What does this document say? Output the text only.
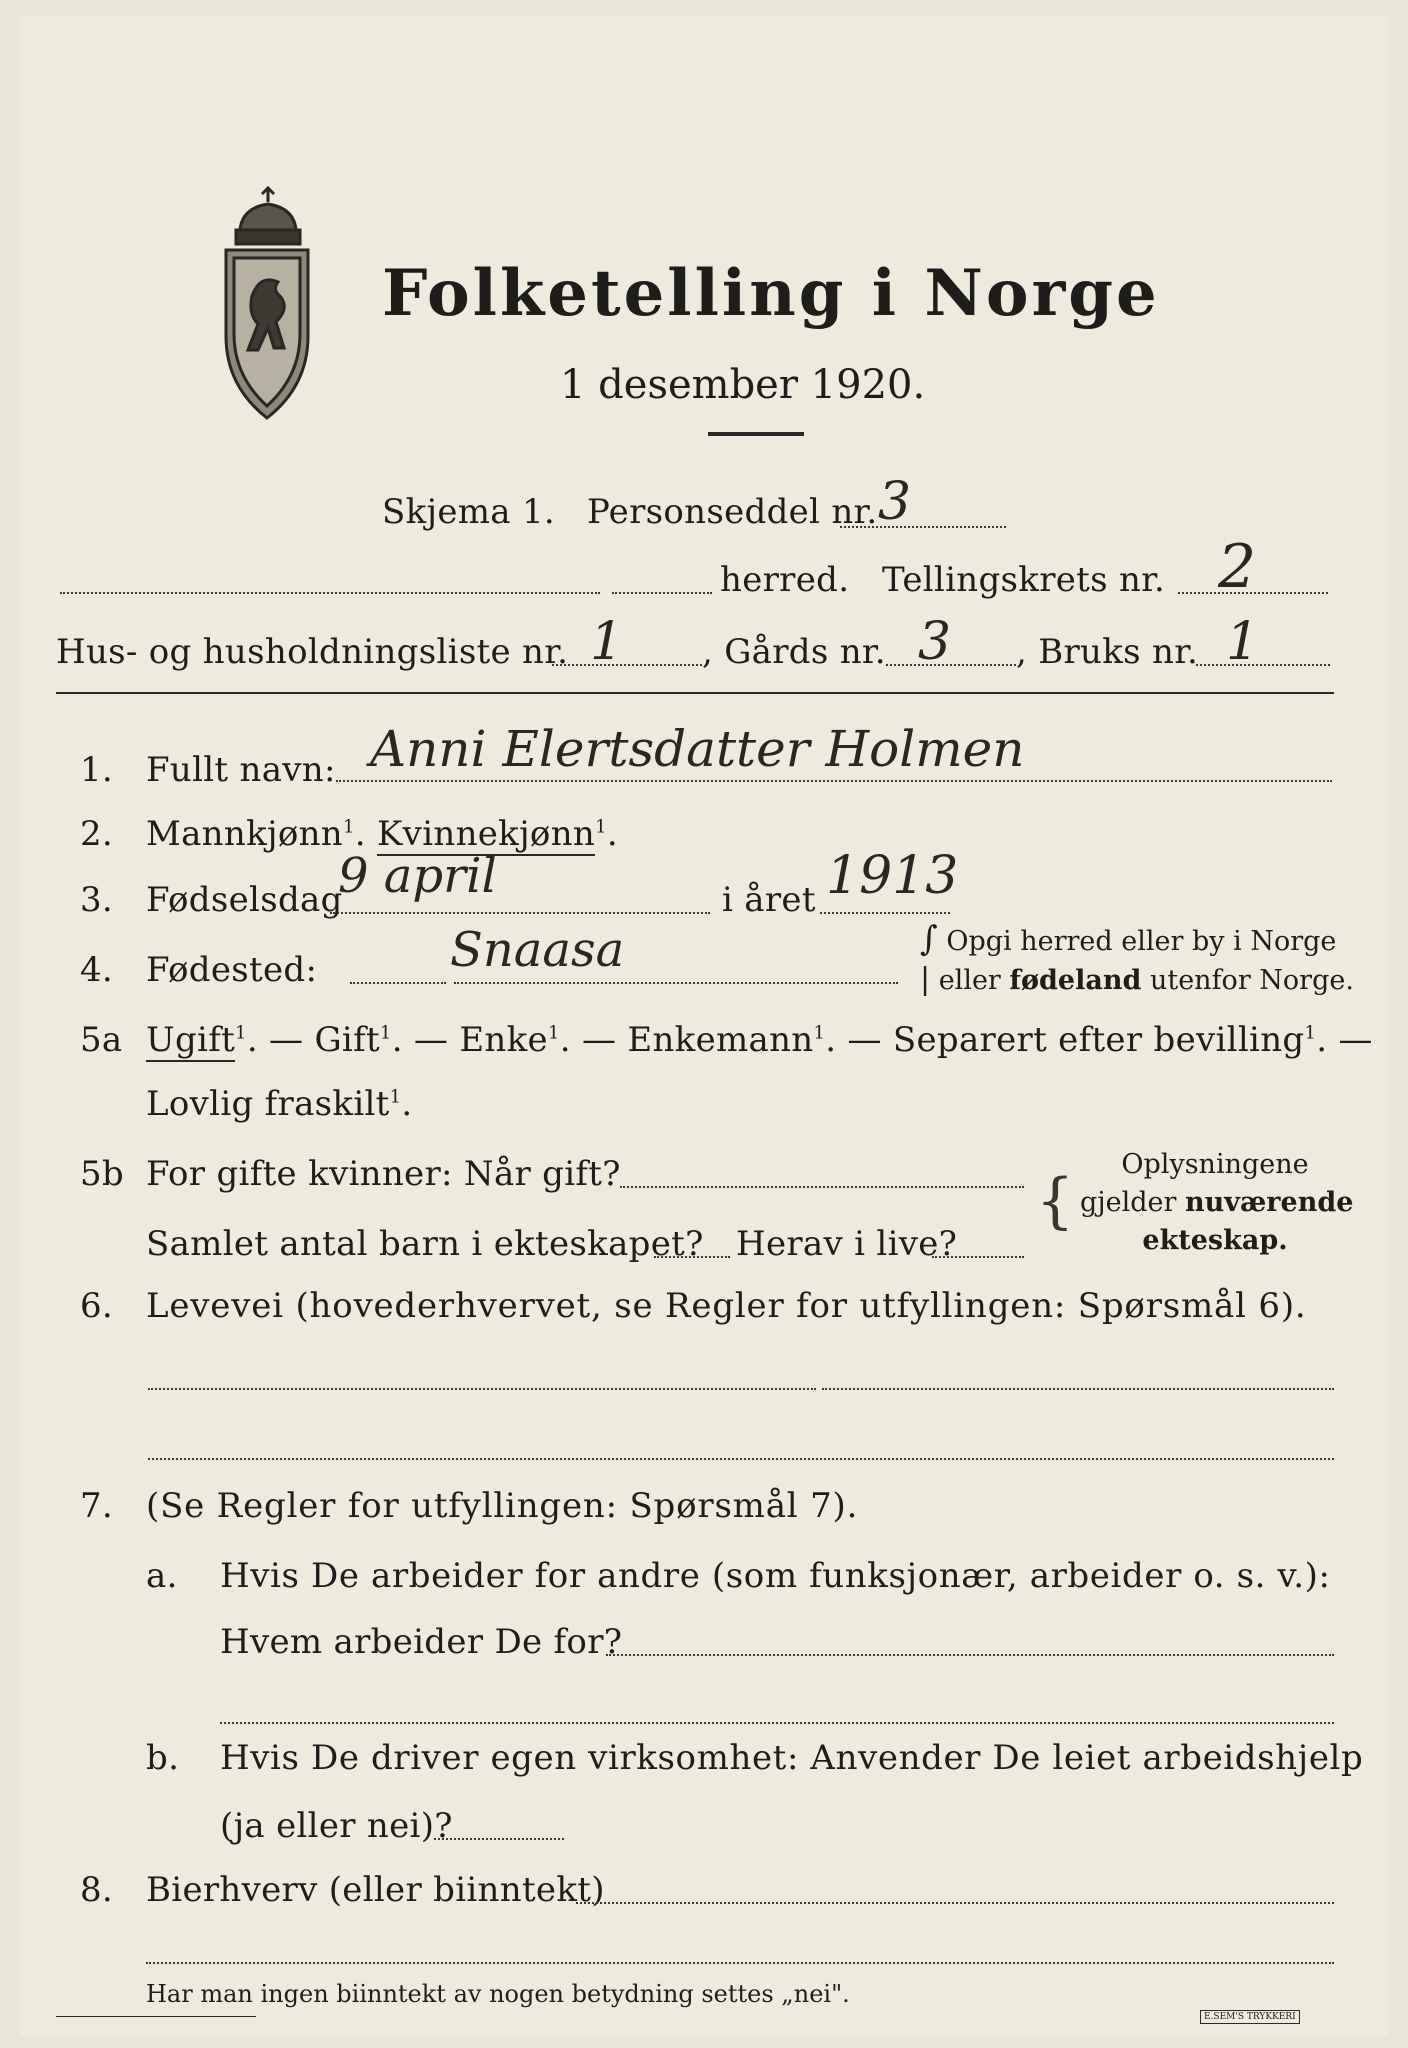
Folketelling i Norge
1 desember 1920.
Skjema 1. Personseddel nr. 3
herred. Tellingskrets nr. 2
Hus- og husholdningsliste nr. 1 , Gårds nr. 3 , Bruks nr. 1
1. Fullt navn: Anni Elertsdatter Holmen
2. Mannkjønn$^1$. Kvinnekjønn$^1$.
3. Fødselsdag
9 april	i året 1913
4. Fødested:	Snaasa	∫ Opgi herred eller by i Norge
| eller fødeland utenfor Norge.
5a Ugift$^1$. — Gift$^1$. — Enke$^1$. — Enkemann$^1$. — Separert efter bevilling$^1$. —
Lovlig fraskilt$^1$.
5b For gifte kvinner: Når gift?
Samlet antal barn i ekteskapet? Herav i live?
{
Oplysningene
gjelder nuværende
ekteskap.
6. Levevei (hovederhvervet, se Regler for utfyllingen: Spørsmål 6).
7. (Se Regler for utfyllingen: Spørsmål 7).
a. Hvis De arbeider for andre (som funksjonær, arbeider o. s. v.):
Hvem arbeider De for?
b. Hvis De driver egen virksomhet: Anvender De leiet arbeidshjelp
(ja eller nei)?
8. Bierhverv (eller biinntekt)
Har man ingen biinntekt av nogen betydning settes „nei".
E.SEM'S TRYKKERI
